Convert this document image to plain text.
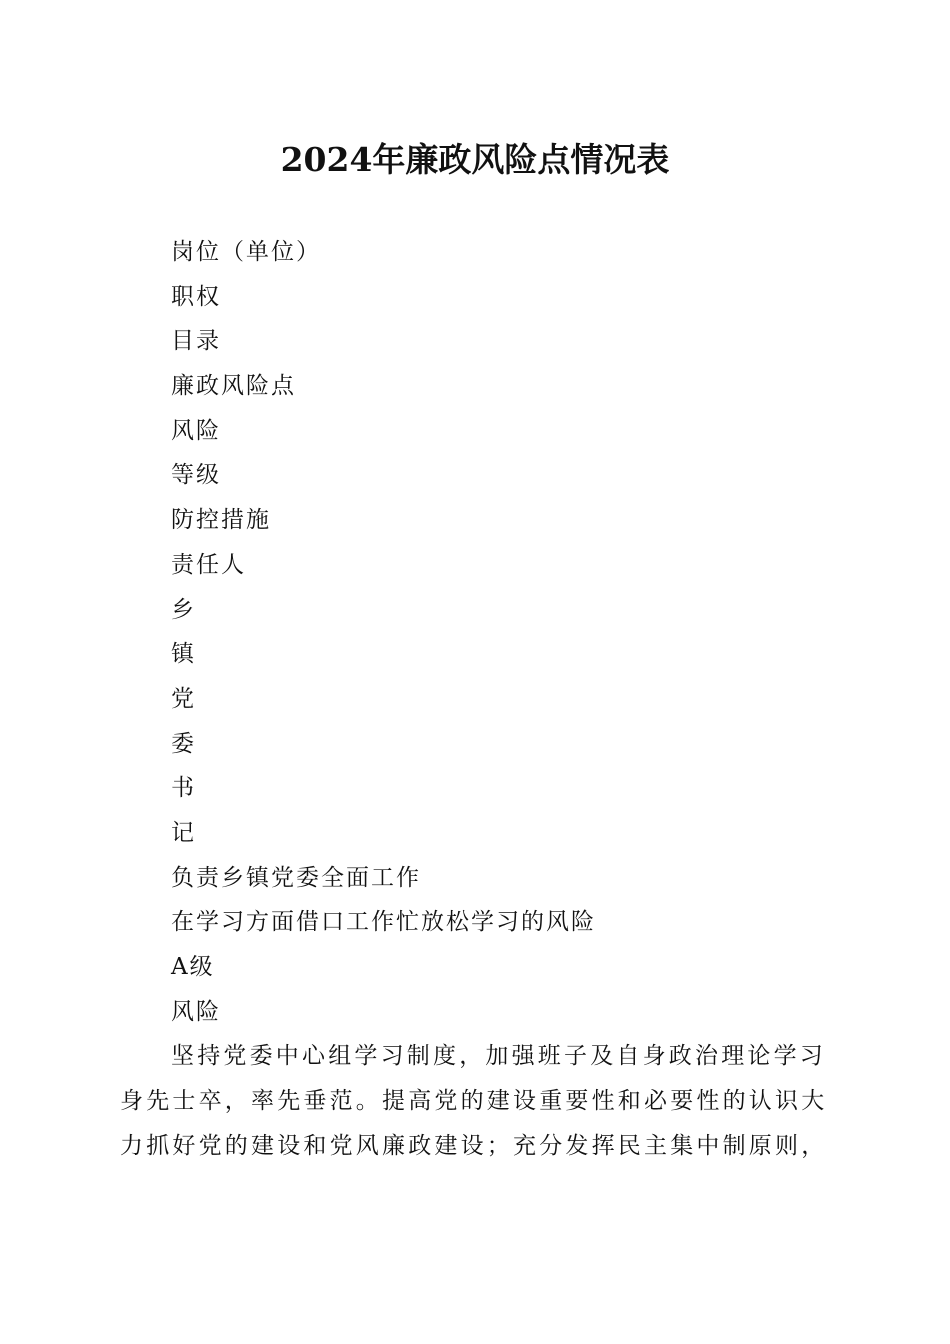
2024年廉政风险点情况表
岗位（单位）
职权
目录
廉政风险点
风险
等级
防控措施
责任人
乡
镇
党
委
书
记
负责乡镇党委全面工作
在学习方面借口工作忙放松学习的风险
A级
风险

坚持党委中心组学习制度，加强班子及自身政治理论学习
身先士卒，率先垂范。提高党的建设重要性和必要性的认识大
力抓好党的建设和党风廉政建设；充分发挥民主集中制原则，
